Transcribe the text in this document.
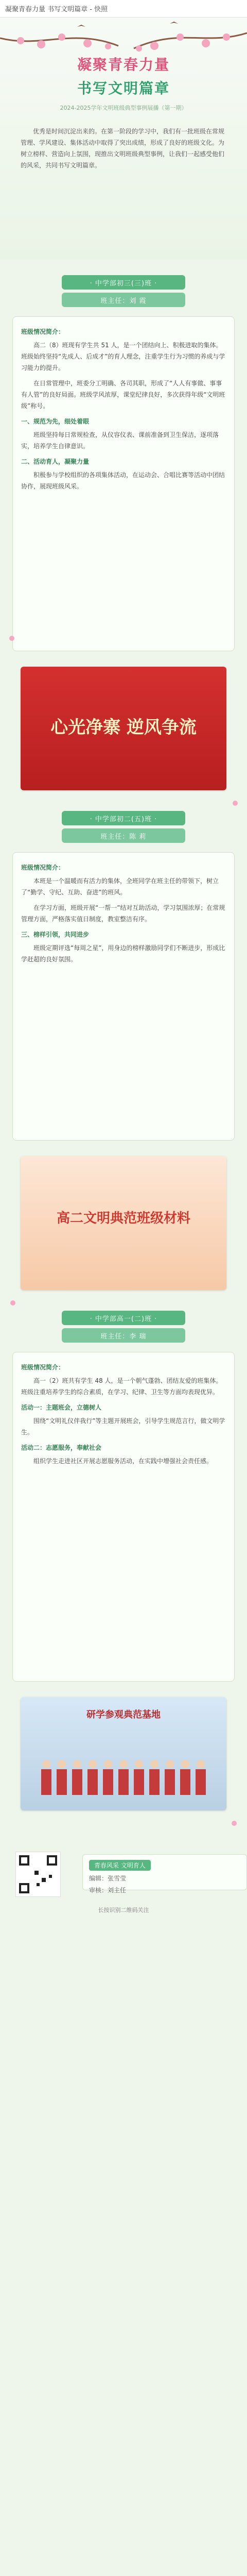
凝聚青春力量 书写文明篇章 - 快照
凝聚青春力量
书写文明篇章
2024-2025学年文明班级典型事例展播（第一期）
优秀是时间沉淀出来的。在第一阶段的学习中，我们有一批班级在常规管理、学风建设、集体活动中取得了突出成绩，形成了良好的班级文化。为树立榜样、营造向上氛围，现推出文明班级典型事例，让我们一起感受他们的风采，共同书写文明篇章。
· 中学部初三(三)班 ·
班主任：刘 霞
班级情况简介：

高二（8）班现有学生共 51 人，是一个团结向上、积极进取的集体。班级始终坚持“先成人、后成才”的育人理念，注重学生行为习惯的养成与学习能力的提升。

在日常管理中，班委分工明确、各司其职，形成了“人人有事做、事事有人管”的良好局面。班级学风浓厚，课堂纪律良好，多次获得年级“文明班级”称号。

一、规范为先，细处着眼

班级坚持每日常规检查，从仪容仪表、课前准备到卫生保洁，逐项落实，培养学生自律意识。

二、活动育人，凝聚力量

积极参与学校组织的各项集体活动，在运动会、合唱比赛等活动中团结协作，展现班级风采。

心光净寨 逆风争流
· 中学部初二(五)班 ·
班主任：陈 莉
班级情况简介：

本班是一个温暖而有活力的集体，全班同学在班主任的带领下，树立了“勤学、守纪、互助、奋进”的班风。

在学习方面，班级开展“一帮一”结对互助活动，学习氛围浓厚；在常规管理方面，严格落实值日制度，教室整洁有序。

三、榜样引领，共同进步

班级定期评选“每周之星”，用身边的榜样激励同学们不断进步，形成比学赶超的良好氛围。

高二文明典范班级材料
· 中学部高一(二)班 ·
班主任：李 瑞
班级情况简介：

高一（2）班共有学生 48 人，是一个朝气蓬勃、团结友爱的班集体。班级注重培养学生的综合素质，在学习、纪律、卫生等方面均表现优异。

活动一：主题班会，立德树人

围绕“文明礼仪伴我行”等主题开展班会，引导学生规范言行，做文明学生。

活动二：志愿服务，奉献社会

组织学生走进社区开展志愿服务活动，在实践中增强社会责任感。

研学参观典范基地
青春风采 文明育人
编辑：张雪莹
审核：刘主任
长按识别二维码关注
